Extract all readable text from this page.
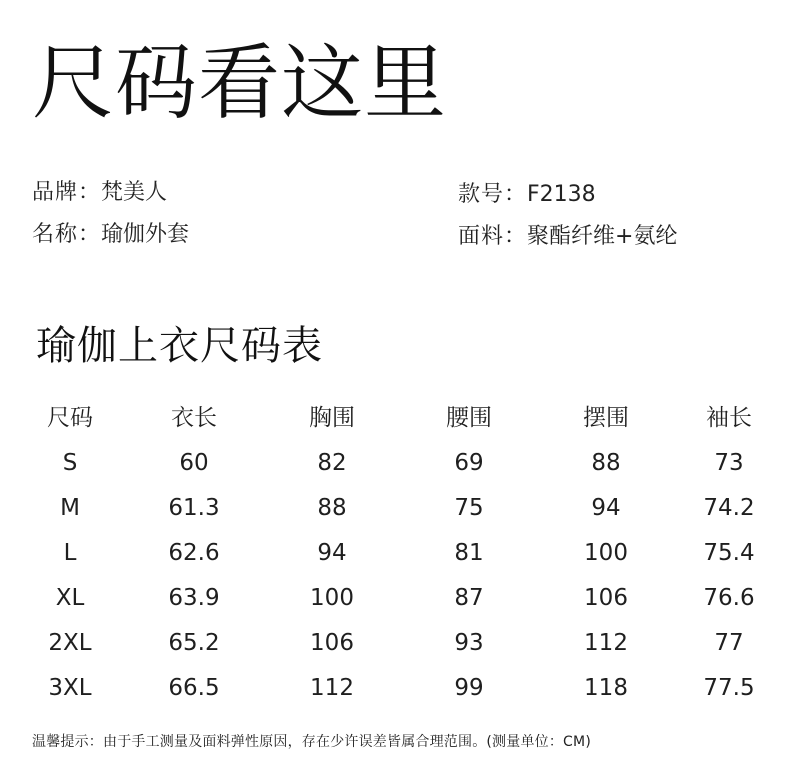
尺码看这里
品牌：梵美人
名称：瑜伽外套
款号：F2138
面料：聚酯纤维+氨纶
瑜伽上衣尺码表
尺码	衣长	胸围	腰围	摆围	袖长
S	60	82	69	88	73
M	61.3	88	75	94	74.2
L	62.6	94	81	100	75.4
XL	63.9	100	87	106	76.6
2XL	65.2	106	93	112	77
3XL	66.5	112	99	118	77.5
温馨提示：由于手工测量及面料弹性原因，存在少许误差皆属合理范围。(测量单位：CM)
